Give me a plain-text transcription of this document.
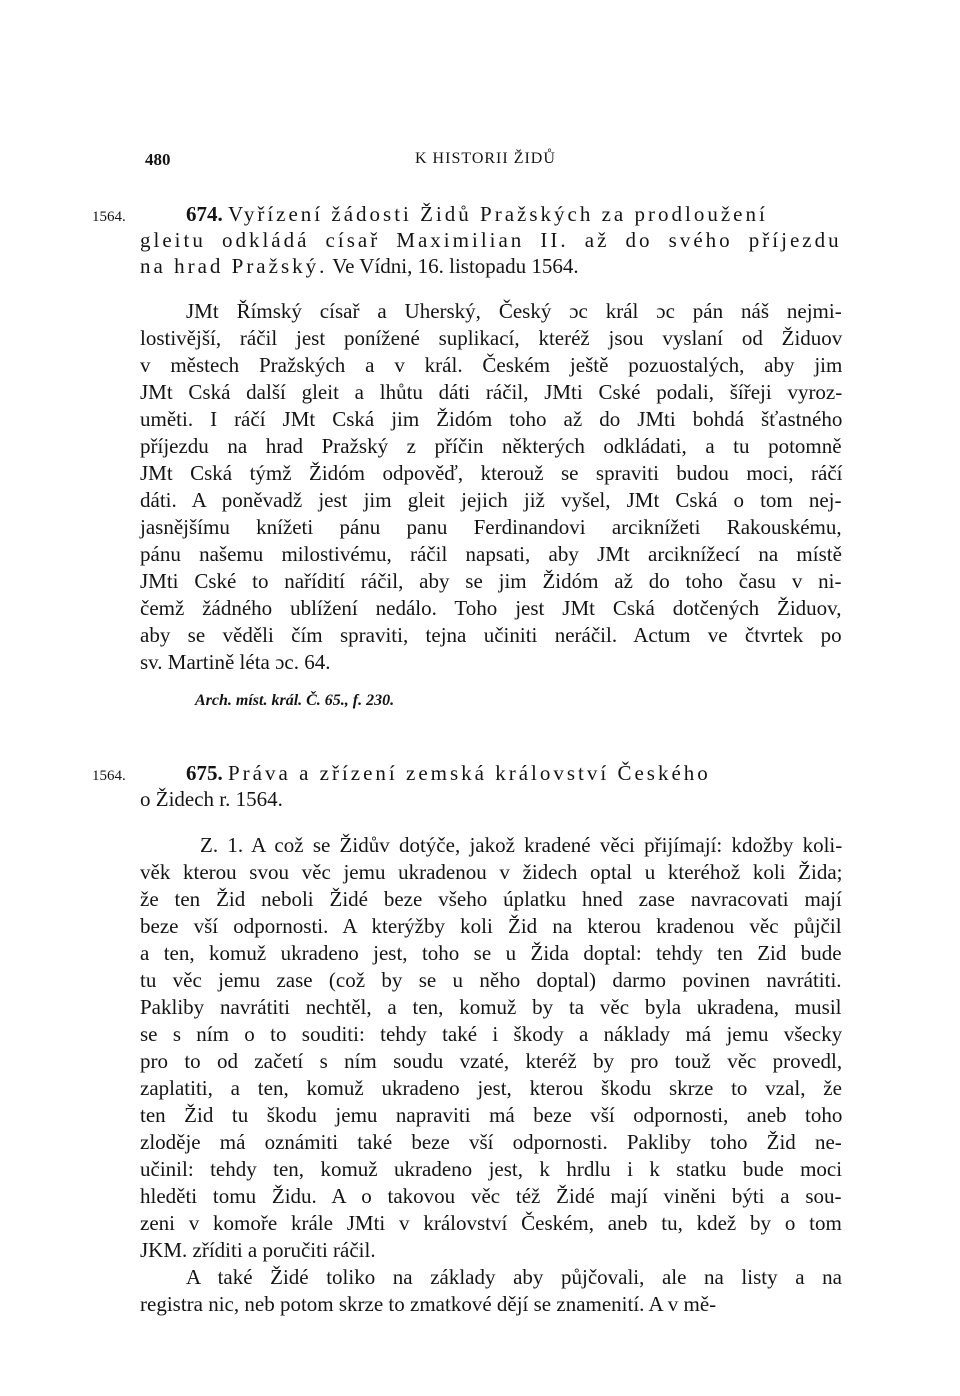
480	K HISTORII ŽIDŮ
1564.	674. Vyřízení žádosti Židů Pražských za prodloužení
gleitu odkládá císař Maximilian II. až do svého příjezdu
na hrad Pražský. Ve Vídni, 16. listopadu 1564.
JMt Římský císař a Uherský, Český ɔc král ɔc pán náš nejmi-
lostivější, ráčil jest ponížené suplikací, kteréž jsou vyslaní od Židuov
v městech Pražských a v král. Českém ještě pozuostalých, aby jim
JMt Cská další gleit a lhůtu dáti ráčil, JMti Cské podali, šířeji vyroz-
uměti. I ráčí JMt Cská jim Židóm toho až do JMti bohdá šťastného
příjezdu na hrad Pražský z příčin některých odkládati, a tu potomně
JMt Cská týmž Židóm odpověď, kterouž se spraviti budou moci, ráčí
dáti. A poněvadž jest jim gleit jejich již vyšel, JMt Cská o tom nej-
jasnějšímu knížeti pánu panu Ferdinandovi arciknížeti Rakouskému,
pánu našemu milostivému, ráčil napsati, aby JMt arciknížecí na místě
JMti Cské to nařídití ráčil, aby se jim Židóm až do toho času v ni-
čemž žádného ublížení nedálo. Toho jest JMt Cská dotčených Židuov,
aby se věděli čím spraviti, tejna učiniti neráčil. Actum ve čtvrtek po
sv. Martině léta ɔc. 64.
Arch. míst. král. Č. 65., f. 230.
1564.	675. Práva a zřízení zemská království Českého
o Židech r. 1564.
Z. 1. A což se Židův dotýče, jakož kradené věci přijímají: kdožby koli-
věk kterou svou věc jemu ukradenou v židech optal u kteréhož koli Žida;
že ten Žid neboli Židé beze všeho úplatku hned zase navracovati mají
beze vší odpornosti. A kterýžby koli Žid na kterou kradenou věc půjčil
a ten, komuž ukradeno jest, toho se u Žida doptal: tehdy ten Zid bude
tu věc jemu zase (což by se u něho doptal) darmo povinen navrátiti.
Pakliby navrátiti nechtěl, a ten, komuž by ta věc byla ukradena, musil
se s ním o to souditi: tehdy také i škody a náklady má jemu všecky
pro to od začetí s ním soudu vzaté, kteréž by pro touž věc provedl,
zaplatiti, a ten, komuž ukradeno jest, kterou škodu skrze to vzal, že
ten Žid tu škodu jemu napraviti má beze vší odpornosti, aneb toho
zloděje má oznámiti také beze vší odpornosti. Pakliby toho Žid ne-
učinil: tehdy ten, komuž ukradeno jest, k hrdlu i k statku bude moci
hleděti tomu Židu. A o takovou věc též Židé mají viněni býti a sou-
zeni v komoře krále JMti v království Českém, aneb tu, kdež by o tom
JKM. zříditi a poručiti ráčil.
A také Židé toliko na základy aby půjčovali, ale na listy a na
registra nic, neb potom skrze to zmatkové dějí se znamenití. A v mě-
